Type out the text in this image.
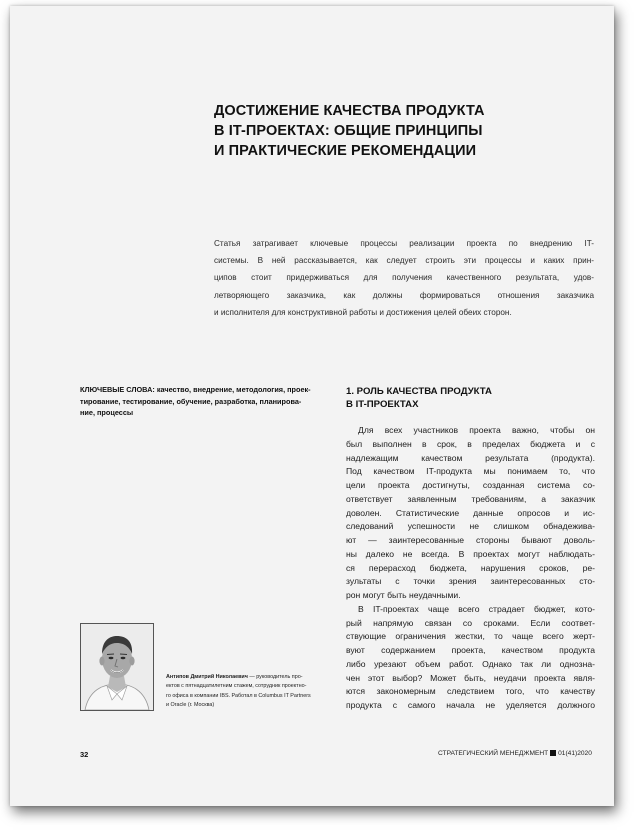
ДОСТИЖЕНИЕ КАЧЕСТВА ПРОДУКТА
В IT-ПРОЕКТАХ: ОБЩИЕ ПРИНЦИПЫ
И ПРАКТИЧЕСКИЕ РЕКОМЕНДАЦИИ

Статья затрагивает ключевые процессы реализации проекта по внедрению IT-
системы. В ней рассказывается, как следует строить эти процессы и каких прин-
ципов стоит придерживаться для получения качественного результата, удов-
летворяющего заказчика, как должны формироваться отношения заказчика
и исполнителя для конструктивной работы и достижения целей обеих сторон.

КЛЮЧЕВЫЕ СЛОВА: качество, внедрение, методология, проек-
тирование, тестирование, обучение, разработка, планирова-
ние, процессы
1. РОЛЬ КАЧЕСТВА ПРОДУКТА
В IT-ПРОЕКТАХ
Для всех участников проекта важно, чтобы он
был выполнен в срок, в пределах бюджета и с
надлежащим качеством результата (продукта).
Под качеством IT-продукта мы понимаем то, что
цели проекта достигнуты, созданная система со-
ответствует заявленным требованиям, а заказчик
доволен. Статистические данные опросов и ис-
следований успешности не слишком обнадежива-
ют — заинтересованные стороны бывают доволь-
ны далеко не всегда. В проектах могут наблюдать-
ся перерасход бюджета, нарушения сроков, ре-
зультаты с точки зрения заинтересованных сто-
рон могут быть неудачными.
В IT-проектах чаще всего страдает бюджет, кото-
рый напрямую связан со сроками. Если соответ-
ствующие ограничения жестки, то чаще всего жерт-
вуют содержанием проекта, качеством продукта
либо урезают объем работ. Однако так ли однозна-
чен этот выбор? Может быть, неудачи проекта явля-
ются закономерным следствием того, что качеству
продукта с самого начала не уделяется должного
Антипов Дмитрий Николаевич — руководитель про-
ектов с пятнадцатилетним стажем, сотрудник проектно-
го офиса в компании IBS. Работал в Columbus IT Partners
и Oracle (г. Москва)
32	СТРАТЕГИЧЕСКИЙ МЕНЕДЖМЕНТ 01(41)2020
